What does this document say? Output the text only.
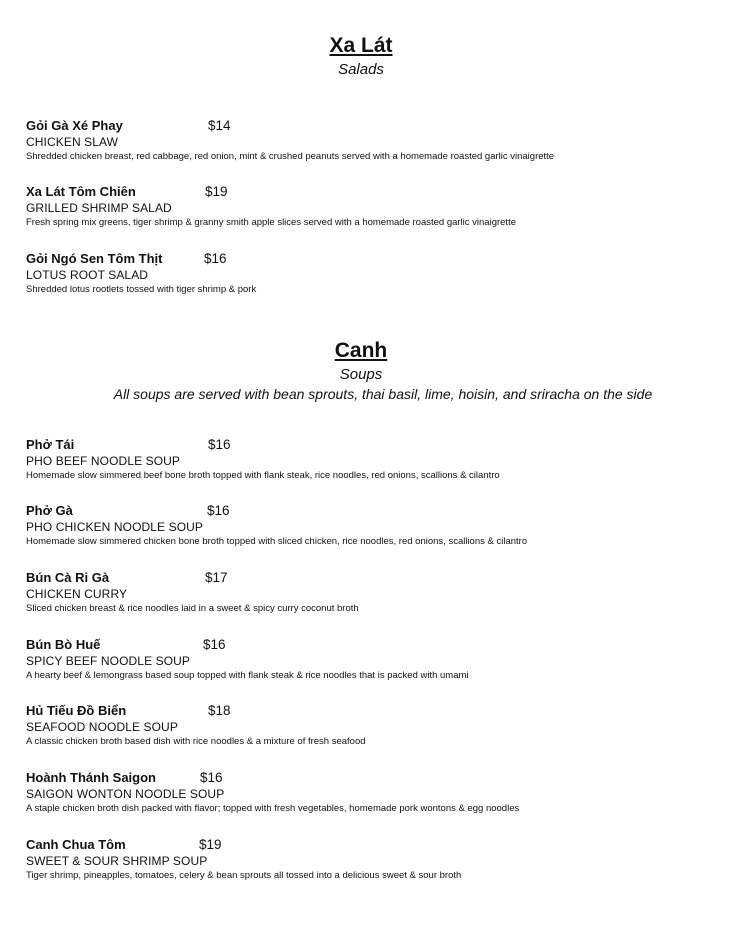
Xa Lát
Salads
Gỏi Gà Xé Phay	$14
CHICKEN SLAW
Shredded chicken breast, red cabbage, red onion, mint & crushed peanuts served with a homemade roasted garlic vinaigrette
Xa Lát Tôm Chiên	$19
GRILLED SHRIMP SALAD
Fresh spring mix greens, tiger shrimp & granny smith apple slices served with a homemade roasted garlic vinaigrette
Gỏi Ngó Sen Tôm Thịt	$16
LOTUS ROOT SALAD
Shredded lotus rootlets tossed with tiger shrimp & pork
Canh
Soups
All soups are served with bean sprouts, thai basil, lime, hoisin, and sriracha on the side
Phở Tái	$16
PHO BEEF NOODLE SOUP
Homemade slow simmered beef bone broth topped with flank steak, rice noodles, red onions, scallions & cilantro
Phở Gà	$16
PHO CHICKEN NOODLE SOUP
Homemade slow simmered chicken bone broth topped with sliced chicken, rice noodles, red onions, scallions & cilantro
Bún Cà Ri Gà	$17
CHICKEN CURRY
Sliced chicken breast & rice noodles laid in a sweet & spicy curry coconut broth
Bún Bò Huế	$16
SPICY BEEF NOODLE SOUP
A hearty beef & lemongrass based soup topped with flank steak & rice noodles that is packed with umami
Hủ Tiếu Đồ Biển	$18
SEAFOOD NOODLE SOUP
A classic chicken broth based dish with rice noodles & a mixture of fresh seafood
Hoành Thánh Saigon	$16
SAIGON WONTON NOODLE SOUP
A staple chicken broth dish packed with flavor; topped with fresh vegetables, homemade pork wontons & egg noodles
Canh Chua Tôm	$19
SWEET & SOUR SHRIMP SOUP
Tiger shrimp, pineapples, tomatoes, celery & bean sprouts all tossed into a delicious sweet & sour broth
